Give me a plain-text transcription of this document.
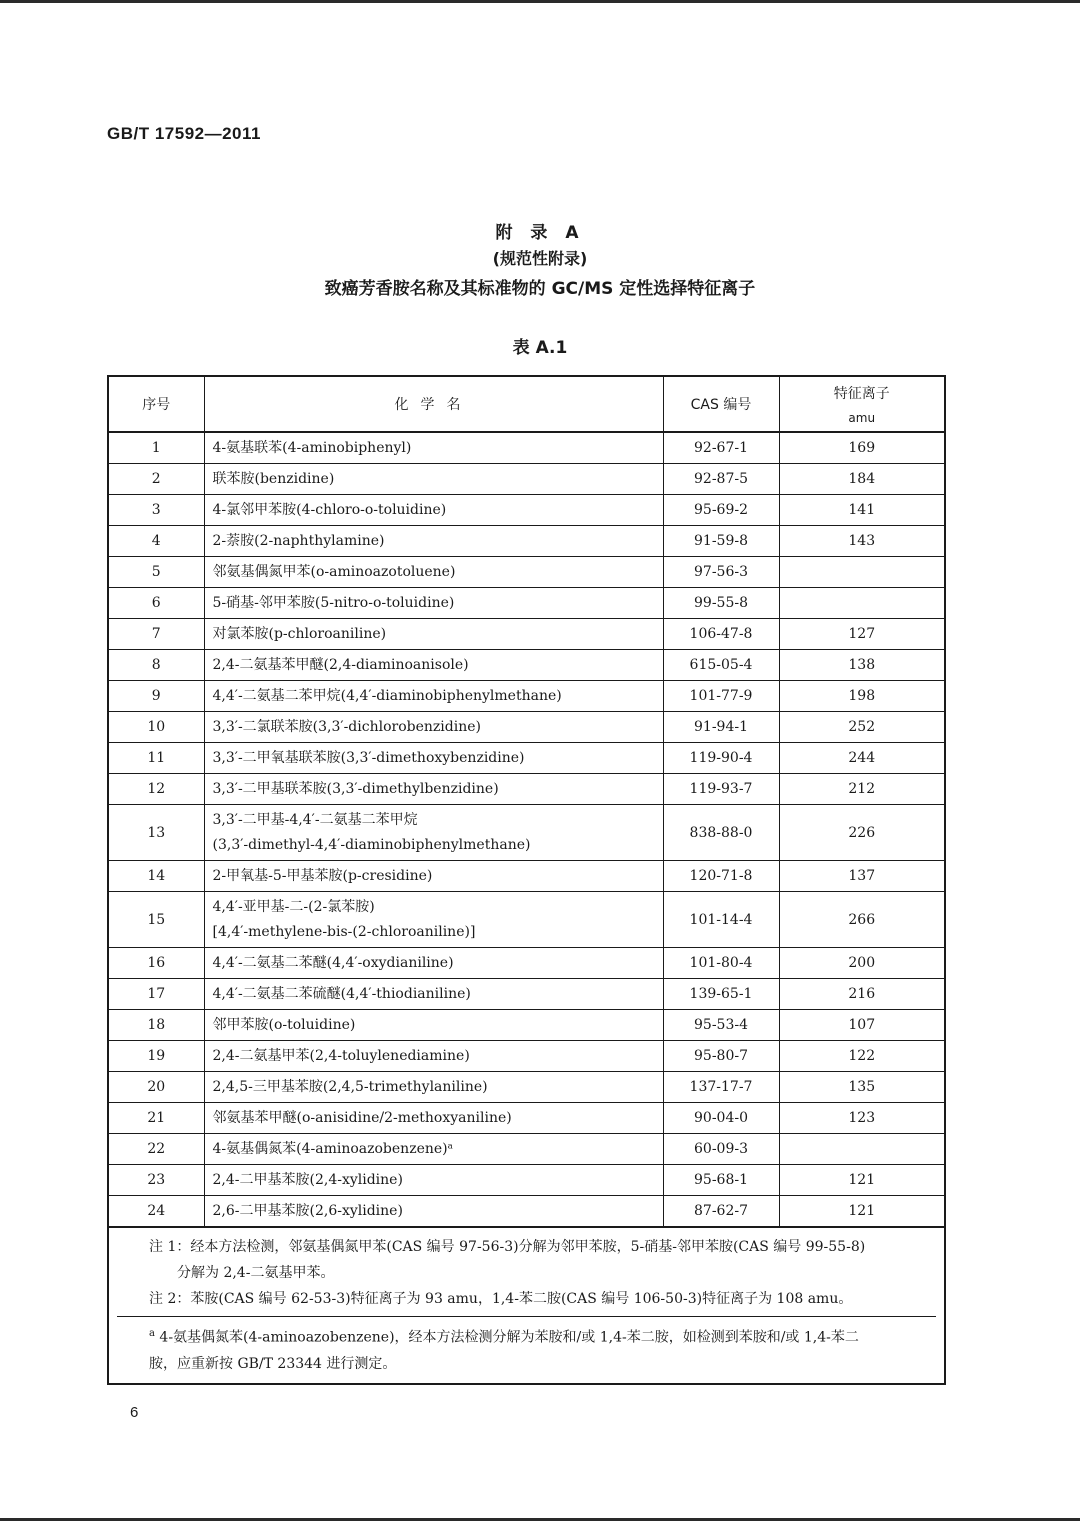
GB/T 17592—2011
附 录 A
(规范性附录)
致癌芳香胺名称及其标准物的 GC/MS 定性选择特征离子
表 A.1
序号	化学名	CAS 编号	特征离子
amu

1	4-氨基联苯(4-aminobiphenyl)	92-67-1	169
2	联苯胺(benzidine)	92-87-5	184
3	4-氯邻甲苯胺(4-chloro-o-toluidine)	95-69-2	141
4	2-萘胺(2-naphthylamine)	91-59-8	143
5	邻氨基偶氮甲苯(o-aminoazotoluene)	97-56-3	
6	5-硝基-邻甲苯胺(5-nitro-o-toluidine)	99-55-8	
7	对氯苯胺(p-chloroaniline)	106-47-8	127
8	2,4-二氨基苯甲醚(2,4-diaminoanisole)	615-05-4	138
9	4,4′-二氨基二苯甲烷(4,4′-diaminobiphenylmethane)	101-77-9	198
10	3,3′-二氯联苯胺(3,3′-dichlorobenzidine)	91-94-1	252
11	3,3′-二甲氧基联苯胺(3,3′-dimethoxybenzidine)	119-90-4	244
12	3,3′-二甲基联苯胺(3,3′-dimethylbenzidine)	119-93-7	212
13	3,3′-二甲基-4,4′-二氨基二苯甲烷
(3,3′-dimethyl-4,4′-diaminobiphenylmethane)	838-88-0	226
14	2-甲氧基-5-甲基苯胺(p-cresidine)	120-71-8	137
15	4,4′-亚甲基-二-(2-氯苯胺)
[4,4′-methylene-bis-(2-chloroaniline)]	101-14-4	266
16	4,4′-二氨基二苯醚(4,4′-oxydianiline)	101-80-4	200
17	4,4′-二氨基二苯硫醚(4,4′-thiodianiline)	139-65-1	216
18	邻甲苯胺(o-toluidine)	95-53-4	107
19	2,4-二氨基甲苯(2,4-toluylenediamine)	95-80-7	122
20	2,4,5-三甲基苯胺(2,4,5-trimethylaniline)	137-17-7	135
21	邻氨基苯甲醚(o-anisidine/2-methoxyaniline)	90-04-0	123
22	4-氨基偶氮苯(4-aminoazobenzene)ᵃ	60-09-3	
23	2,4-二甲基苯胺(2,4-xylidine)	95-68-1	121
24	2,6-二甲基苯胺(2,6-xylidine)	87-62-7	121

注 1：经本方法检测，邻氨基偶氮甲苯(CAS 编号 97-56-3)分解为邻甲苯胺，5-硝基-邻甲苯胺(CAS 编号 99-55-8)
分解为 2,4-二氨基甲苯。
注 2：苯胺(CAS 编号 62-53-3)特征离子为 93 amu，1,4-苯二胺(CAS 编号 106-50-3)特征离子为 108 amu。
$^a$ 4-氨基偶氮苯(4-aminoazobenzene)，经本方法检测分解为苯胺和/或 1,4-苯二胺，如检测到苯胺和/或 1,4-苯二
胺，应重新按 GB/T 23344 进行测定。			
6
